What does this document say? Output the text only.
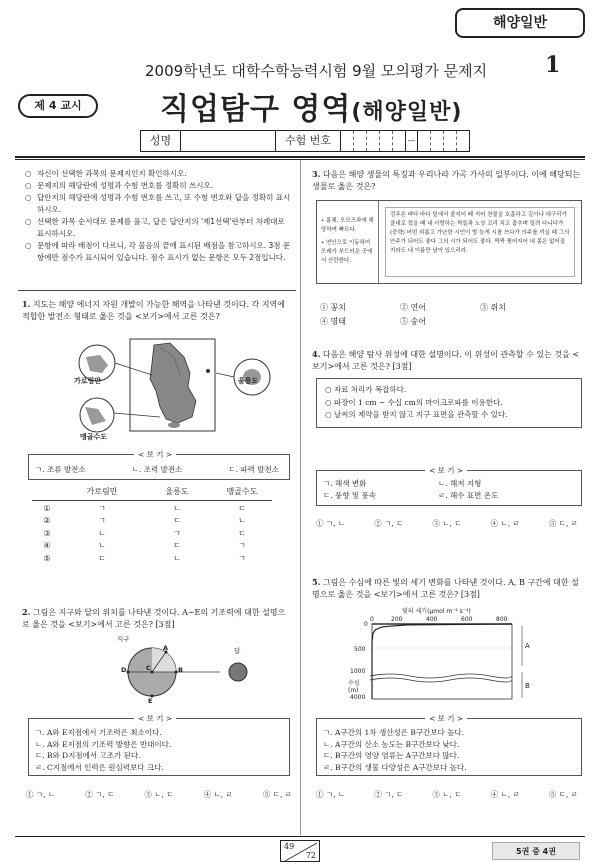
해양일반
2009학년도 대학수학능력시험 9월 모의평가 문제지	1
제 4 교시	직업탐구 영역(해양일반)
성명	수험 번호	—
○ 자신이 선택한 과목의 문제지인지 확인하시오.
○ 문제지의 해당란에 성명과 수험 번호를 정확히 쓰시오.
○ 답안지의 해당란에 성명과 수험 번호를 쓰고, 또 수험 번호와 답을 정확히 표시하시오.
○ 선택한 과목 순서대로 문제를 풀고, 답은 답안지의 '제1선택'란부터 차례대로 표시하시오.
○ 문항에 따라 배점이 다르니, 각 물음의 끝에 표시된 배점을 참고하시오. 3점 문항에만 점수가 표시되어 있습니다. 점수 표시가 없는 문항은 모두 2점입니다.
1. 지도는 해양 에너지 자원 개발이 가능한 해역을 나타낸 것이다. 각 지역에 적합한 발전소 형태로 옳은 것을 <보기>에서 고른 것은?
가로림만	울릉도
맹골수도
< 보 기 >
ㄱ. 조류 발전소	ㄴ. 조력 발전소	ㄷ. 파력 발전소
가로림만	울릉도	맹골수도
①	ㄱ	ㄴ	ㄷ
②	ㄱ	ㄷ	ㄴ
③	ㄴ	ㄱ	ㄷ
④	ㄴ	ㄷ	ㄱ
⑤	ㄷ	ㄴ	ㄱ
2. 그림은 지구와 달의 위치를 나타낸 것이다. A~E의 기조력에 대한 설명으로 옳은 것을 <보기>에서 고른 것은? [3점]
지구
A
B
C
D
E
달
< 보 기 >
ㄱ. A와 E지점에서 기조력은 최소이다.
ㄴ. A와 E지점의 기조력 방향은 반대이다.
ㄷ. B와 D지점에서 고조가 된다.
ㄹ. C지점에서 인력은 원심력보다 크다.
① ㄱ, ㄴ	② ㄱ, ㄷ	③ ㄴ, ㄷ	④ ㄴ, ㄹ	⑤ ㄷ, ㄹ
3. 다음은 해양 생물의 특징과 우리나라 가곡 가사의 일부이다. 이에 해당되는 생물로 옳은 것은?
• 몸체, 오모즈과에 해당하며 빠르다.
• 연안으로 이동하여 모래가 부드러운 곳에서 산란한다.
검푸른 바다 바다 밑에서 줄지어 떼 지어 찬물을 호흡하고 길이나 대구리가 클대로 컸을 때 내 사랑하는 짝들과 노상 꼬리 치고 춤추며 밀려 다니다가 (중략) 어떤 외롭고 가난한 시인이 밤 늦게 시를 쓰다가 의주를 끼실 때 그의 안주가 되어도 좋다 그의 시가 되어도 좋다. 짝짝 찢어지어 내 몸은 없어질지라도 내 이름만 남아 있으리라.
① 꽁치	② 연어	③ 쥐치
④ 명태	⑤ 숭어
4. 다음은 해양 탐사 위성에 대한 설명이다. 이 위성이 관측할 수 있는 것을 <보기>에서 고른 것은? [3점]
○ 자료 처리가 복잡하다.
○ 파장이 1 cm ~ 수십 cm의 마이크로파를 이용한다.
○ 날씨의 제약을 받지 않고 지구 표면을 관측할 수 있다.
< 보 기 >
ㄱ. 해색 변화	ㄴ. 해저 지형
ㄷ. 풍향 및 풍속	ㄹ. 해수 표면 온도
① ㄱ, ㄴ	② ㄱ, ㄷ	③ ㄴ, ㄷ	④ ㄴ, ㄹ	⑤ ㄷ, ㄹ
5. 그림은 수심에 따른 빛의 세기 변화를 나타낸 것이다. A, B 구간에 대한 설명으로 옳은 것을 <보기>에서 고른 것은? [3점]
빛의 세기(μmol m⁻² s⁻¹)
0	200	400	600	800
0
500
1000
4000
수심 (m)
A
B
< 보 기 >
ㄱ. A구간의 1차 생산성은 B구간보다 높다.
ㄴ. A구간의 산소 농도는 B구간보다 낮다.
ㄷ. B구간의 영양 염류는 A구간보다 많다.
ㄹ. B구간의 생물 다양성은 A구간보다 높다.
① ㄱ, ㄴ	② ㄱ, ㄷ	③ ㄴ, ㄷ	④ ㄴ, ㄹ	⑤ ㄷ, ㄹ
49
72	5권 중 4권
